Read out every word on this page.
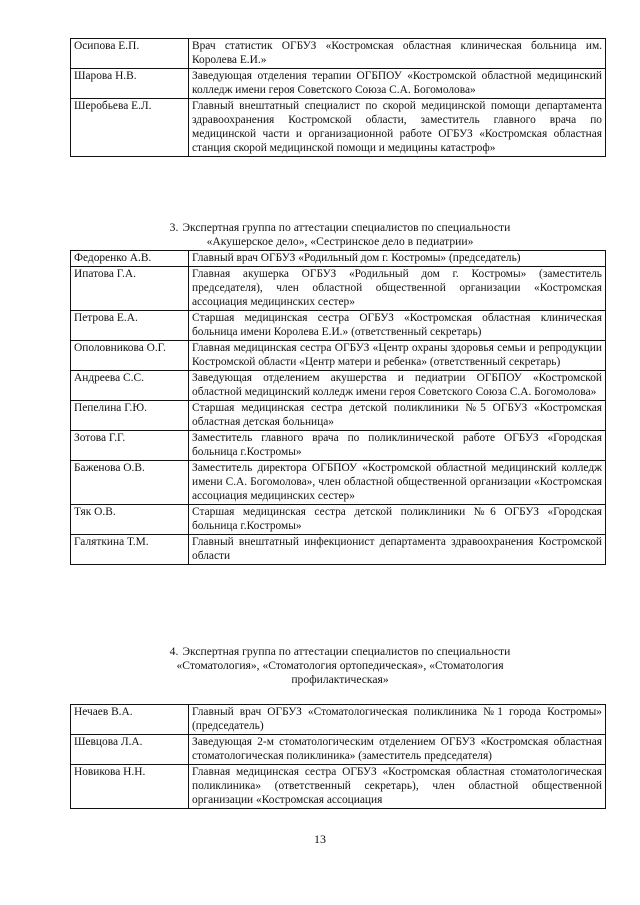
Осипова Е.П.	Врач статистик ОГБУЗ «Костромская областная клиническая больница им. Королева Е.И.»
Шарова Н.В.	Заведующая отделения терапии ОГБПОУ «Костромской областной медицинский колледж имени героя Советского Союза С.А. Богомолова»
Шеробьева Е.Л.	Главный внештатный специалист по скорой медицинской помощи департамента здравоохранения Костромской области, заместитель главного врача по медицинской части и организационной работе ОГБУЗ «Костромская областная станция скорой медицинской помощи и медицины катастроф»
3. Экспертная группа по аттестации специалистов по специальности
«Акушерское дело», «Сестринское дело в педиатрии»
Федоренко А.В.	Главный врач ОГБУЗ «Родильный дом г. Костромы» (председатель)
Ипатова Г.А.	Главная акушерка ОГБУЗ «Родильный дом г. Костромы» (заместитель председателя), член областной общественной организации «Костромская ассоциация медицинских сестер»
Петрова Е.А.	Старшая медицинская сестра ОГБУЗ «Костромская областная клиническая больница имени Королева Е.И.» (ответственный секретарь)
Ополовникова О.Г.	Главная медицинская сестра ОГБУЗ «Центр охраны здоровья семьи и репродукции Костромской области «Центр матери и ребенка» (ответственный секретарь)
Андреева С.С.	Заведующая отделением акушерства и педиатрии ОГБПОУ «Костромской областной медицинский колледж имени героя Советского Союза С.А. Богомолова»
Пепелина Г.Ю.	Старшая медицинская сестра детской поликлиники №5 ОГБУЗ «Костромская областная детская больница»
Зотова Г.Г.	Заместитель главного врача по поликлинической работе ОГБУЗ «Городская больница г.Костромы»
Баженова О.В.	Заместитель директора ОГБПОУ «Костромской областной медицинский колледж имени С.А. Богомолова», член областной общественной организации «Костромская ассоциация медицинских сестер»
Тяк О.В.	Старшая медицинская сестра детской поликлиники №6 ОГБУЗ «Городская больница г.Костромы»
Галяткина Т.М.	Главный внештатный инфекционист департамента здравоохранения Костромской области
4. Экспертная группа по аттестации специалистов по специальности
«Стоматология», «Стоматология ортопедическая», «Стоматология
профилактическая»
Нечаев В.А.	Главный врач ОГБУЗ «Стоматологическая поликлиника №1 города Костромы» (председатель)
Шевцова Л.А.	Заведующая 2-м стоматологическим отделением ОГБУЗ «Костромская областная стоматологическая поликлиника» (заместитель председателя)
Новикова Н.Н.	Главная медицинская сестра ОГБУЗ «Костромская областная стоматологическая поликлиника» (ответственный секретарь), член областной общественной организации «Костромская ассоциация
13
